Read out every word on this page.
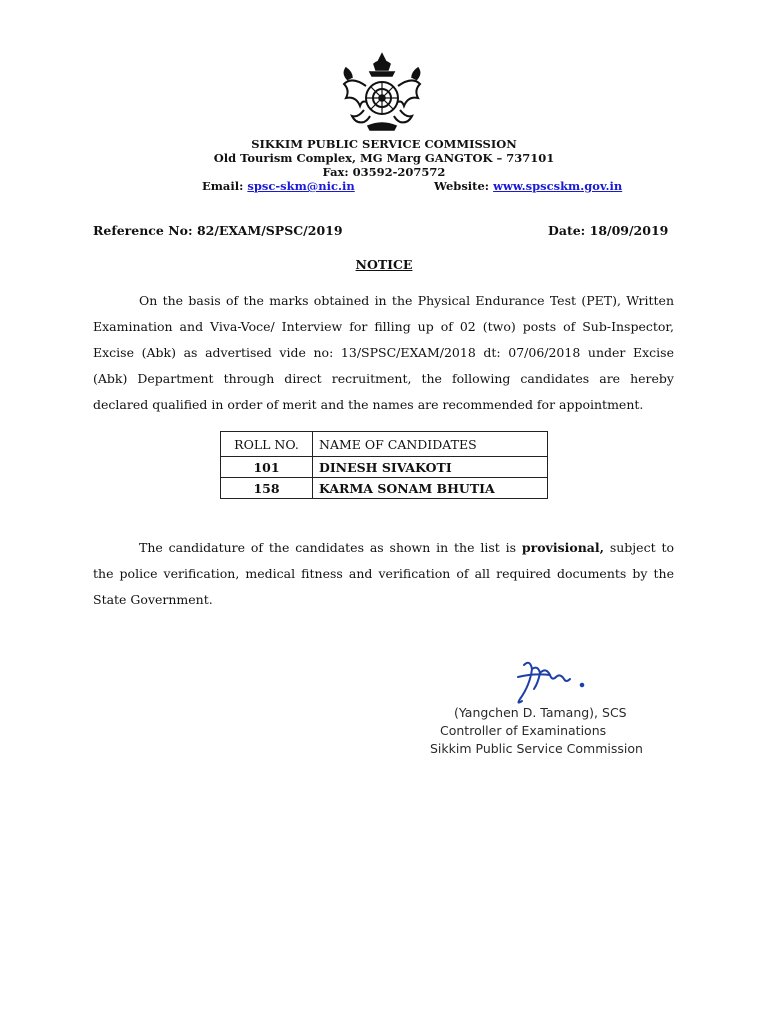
SIKKIM PUBLIC SERVICE COMMISSION
Old Tourism Complex, MG Marg GANGTOK – 737101
Fax: 03592-207572
Email: spsc-skm@nic.in	Website: www.spscskm.gov.in
Reference No: 82/EXAM/SPSC/2019	Date: 18/09/2019
NOTICE
On the basis of the marks obtained in the Physical Endurance Test (PET), Written Examination and Viva-Voce/ Interview for filling up of 02 (two) posts of Sub-Inspector, Excise (Abk) as advertised vide no: 13/SPSC/EXAM/2018 dt: 07/06/2018 under Excise (Abk) Department through direct recruitment, the following candidates are hereby declared qualified in order of merit and the names are recommended for appointment.
ROLL NO.	NAME OF CANDIDATES
101	DINESH SIVAKOTI
158	KARMA SONAM BHUTIA
The candidature of the candidates as shown in the list is provisional, subject to the police verification, medical fitness and verification of all required documents by the State Government.
(Yangchen D. Tamang), SCS
Controller of Examinations
Sikkim Public Service Commission
